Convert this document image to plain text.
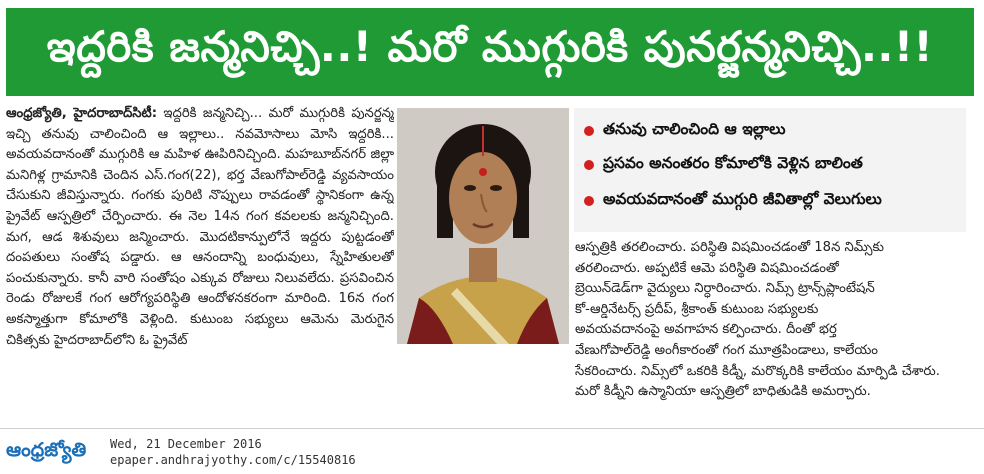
ఇద్దరికి జన్మనిచ్చి..! మరో ముగ్గురికి పునర్జన్మనిచ్చి..!!
ఆంధ్రజ్యోతి, హైదరాబాద్‌సిటీ: ఇద్దరికి జన్మనిచ్చి... మరో ముగ్గురికి పునర్జన్మ ఇచ్చి తనువు చాలించింది ఆ ఇల్లాలు.. నవమోసాలు మోసి ఇద్దరికి... అవయవదానంతో ముగ్గురికి ఆ మహిళ ఊపిరినిచ్చింది. మహబూబ్‌నగర్ జిల్లా మనిగిళ్ల గ్రామానికి చెందిన ఎస్.గంగ(22), భర్త వేణుగోపాల్‌రెడ్డి వ్యవసాయం చేసుకుని జీవిస్తున్నారు. గంగకు పురిటి నొప్పులు రావడంతో స్థానికంగా ఉన్న ప్రైవేట్ ఆస్పత్రిలో చేర్పించారు. ఈ నెల 14న గంగ కవలలకు జన్మనిచ్చింది. మగ, ఆడ శిశువులు జన్మించారు. మొదటికాన్పులోనే ఇద్దరు పుట్టడంతో దంపతులు సంతోష పడ్డారు. ఆ ఆనందాన్ని బంధువులు, స్నేహితులతో పంచుకున్నారు. కానీ వారి సంతోషం ఎక్కువ రోజులు నిలువలేదు. ప్రసవించిన రెండు రోజులకే గంగ ఆరోగ్యపరిస్థితి ఆందోళనకరంగా మారింది. 16న గంగ అకస్మాత్తుగా కోమాలోకి వెళ్లింది. కుటుంబ సభ్యులు ఆమెను మెరుగైన చికిత్సకు హైదరాబాద్‌లోని ఓ ప్రైవేట్
తనువు చాలించింది ఆ ఇల్లాలు
ప్రసవం అనంతరం కోమాలోకి వెళ్లిన బాలింత
అవయవదానంతో ముగ్గురి జీవితాల్లో వెలుగులు
ఆస్పత్రికి తరలించారు. పరిస్థితి విషమించడంతో 18న నిమ్స్‌కు
తరలించారు. అప్పటికే ఆమె పరిస్థితి విషమించడంతో
బ్రెయిన్‌డెడ్‌గా వైద్యులు నిర్ధారించారు. నిమ్స్ ట్రాన్స్‌ప్లాంటేషన్
కో-ఆర్డినేటర్స్ ప్రదీప్, శ్రీకాంత్ కుటుంబ సభ్యులకు
అవయవదానంపై అవగాహన కల్పించారు. దీంతో భర్త
వేణుగోపాల్‌రెడ్డి అంగీకారంతో గంగ మూత్రపిండాలు, కాలేయం
సేకరించారు. నిమ్స్‌లో ఒకరికి కిడ్నీ, మరొక్కరికి కాలేయం మార్పిడి చేశారు.
మరో కిడ్నీని ఉస్మానియా ఆస్పత్రిలో బాధితుడికి అమర్చారు.
ఆంధ్రజ్యోతి Wed, 21 December 2016
epaper.andhrajyothy.com/c/15540816
